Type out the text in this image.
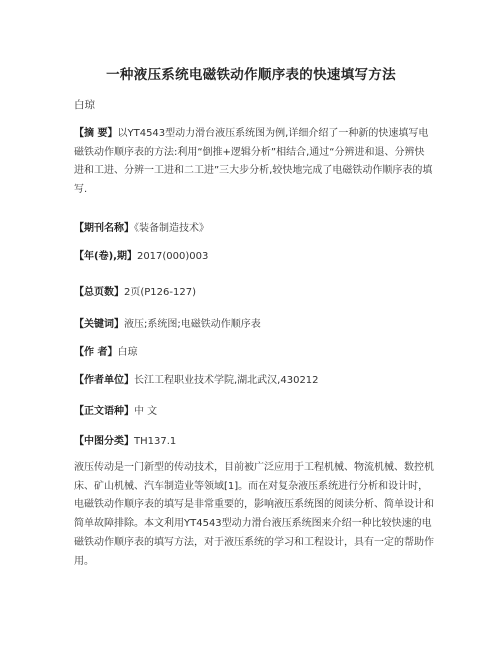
一种液压系统电磁铁动作顺序表的快速填写方法
白琼
【摘 要】以YT4543型动力滑台液压系统图为例,详细介绍了一种新的快速填写电磁铁动作顺序表的方法:利用“倒推+逻辑分析”相结合,通过“分辨进和退、分辨快进和工进、分辨一工进和二工进”三大步分析,较快地完成了电磁铁动作顺序表的填写.
【期刊名称】《装备制造技术》
【年(卷),期】2017(000)003
【总页数】2页(P126-127)
【关键词】液压;系统图;电磁铁动作顺序表
【作 者】白琼
【作者单位】长江工程职业技术学院,湖北武汉,430212
【正文语种】中 文
【中图分类】TH137.1
液压传动是一门新型的传动技术，目前被广泛应用于工程机械、物流机械、数控机床、矿山机械、汽车制造业等领域[1]。而在对复杂液压系统进行分析和设计时，电磁铁动作顺序表的填写是非常重要的，影响液压系统图的阅读分析、简单设计和简单故障排除。本文利用YT4543型动力滑台液压系统图来介绍一种比较快速的电磁铁动作顺序表的填写方法，对于液压系统的学习和工程设计，具有一定的帮助作用。
